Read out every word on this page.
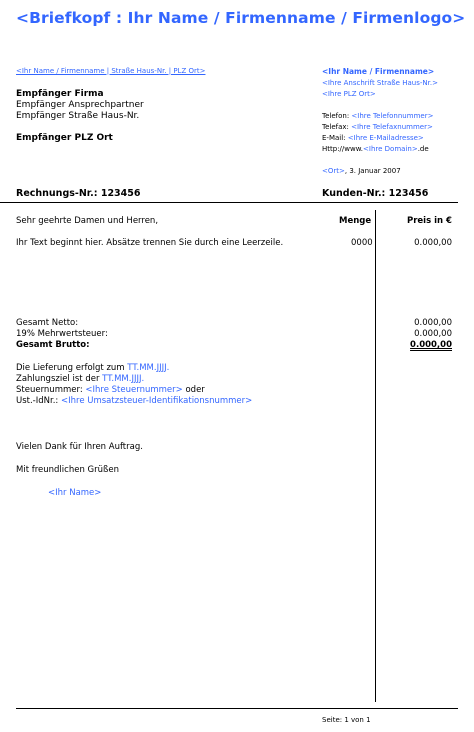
<Briefkopf : Ihr Name / Firmenname / Firmenlogo>
<Ihr Name / Firmenname | Straße Haus-Nr. | PLZ Ort>
Empfänger Firma
Empfänger Ansprechpartner
Empfänger Straße Haus-Nr.
Empfänger PLZ Ort
<Ihr Name / Firmenname>
<Ihre Anschrift Straße Haus-Nr.>
<Ihre PLZ Ort>
Telefon: <Ihre Telefonnummer>
Telefax: <Ihre Telefaxnummer>
E-Mail: <Ihre E-Mailadresse>
Http://www.<Ihre Domain>.de
<Ort>, 3. Januar 2007
Rechnungs-Nr.: 123456	Kunden-Nr.: 123456
Sehr geehrte Damen und Herren,	Menge	Preis in €
Ihr Text beginnt hier. Absätze trennen Sie durch eine Leerzeile.	0000	0.000,00
Gesamt Netto:	0.000,00
19% Mehrwertsteuer:	0.000,00
Gesamt Brutto:	0.000,00
Die Lieferung erfolgt zum TT.MM.JJJJ.
Zahlungsziel ist der TT.MM.JJJJ.
Steuernummer: <Ihre Steuernummer> oder
Ust.-IdNr.: <Ihre Umsatzsteuer-Identifikationsnummer>
Vielen Dank für Ihren Auftrag.
Mit freundlichen Grüßen
<Ihr Name>
Seite: 1 von 1
